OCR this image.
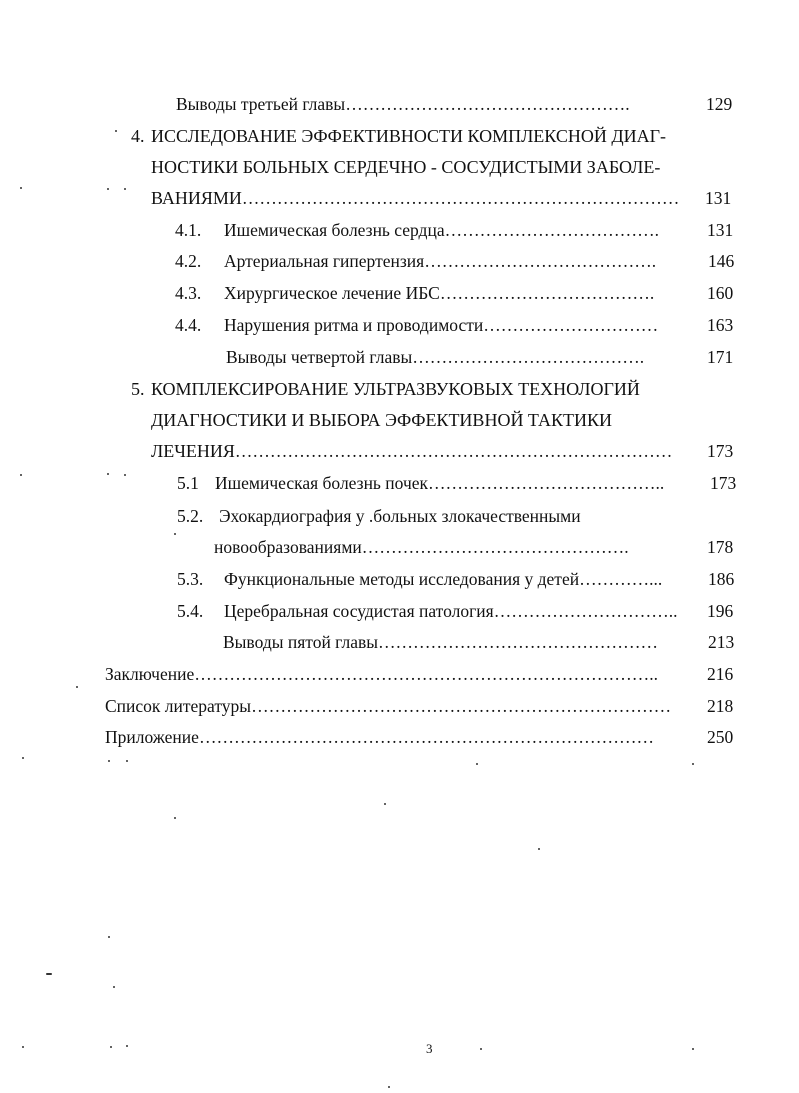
Выводы третьей главы………………………………………….	129
4. ИССЛЕДОВАНИЕ ЭФФЕКТИВНОСТИ КОМПЛЕКСНОЙ ДИАГ-
НОСТИКИ БОЛЬНЫХ СЕРДЕЧНО - СОСУДИСТЫМИ ЗАБОЛЕ-
ВАНИЯМИ…………………………………………………………………	131
4.1. Ишемическая болезнь сердца……………………………….	131
4.2. Артериальная гипертензия………………………………….	146
4.3. Хирургическое лечение ИБС……………………………….	160
4.4. Нарушения ритма и проводимости…………………………	163
Выводы четвертой главы………………………………….	171
5. КОМПЛЕКСИРОВАНИЕ УЛЬТРАЗВУКОВЫХ ТЕХНОЛОГИЙ
ДИАГНОСТИКИ И ВЫБОРА ЭФФЕКТИВНОЙ ТАКТИКИ
ЛЕЧЕНИЯ…………………………………………………………………	173
5.1 Ишемическая болезнь почек…………………………………..	173
5.2. Эхокардиография у .больных злокачественными
новообразованиями……………………………………….	178
5.3. Функциональные методы исследования у детей…………...	186
5.4. Церебральная сосудистая патология…………………………..	196
Выводы пятой главы…………………………………………	213
Заключение……………………………………………………………………..	216
Список литературы………………………………………………………………	218
Приложение……………………………………………………………………	250
3
